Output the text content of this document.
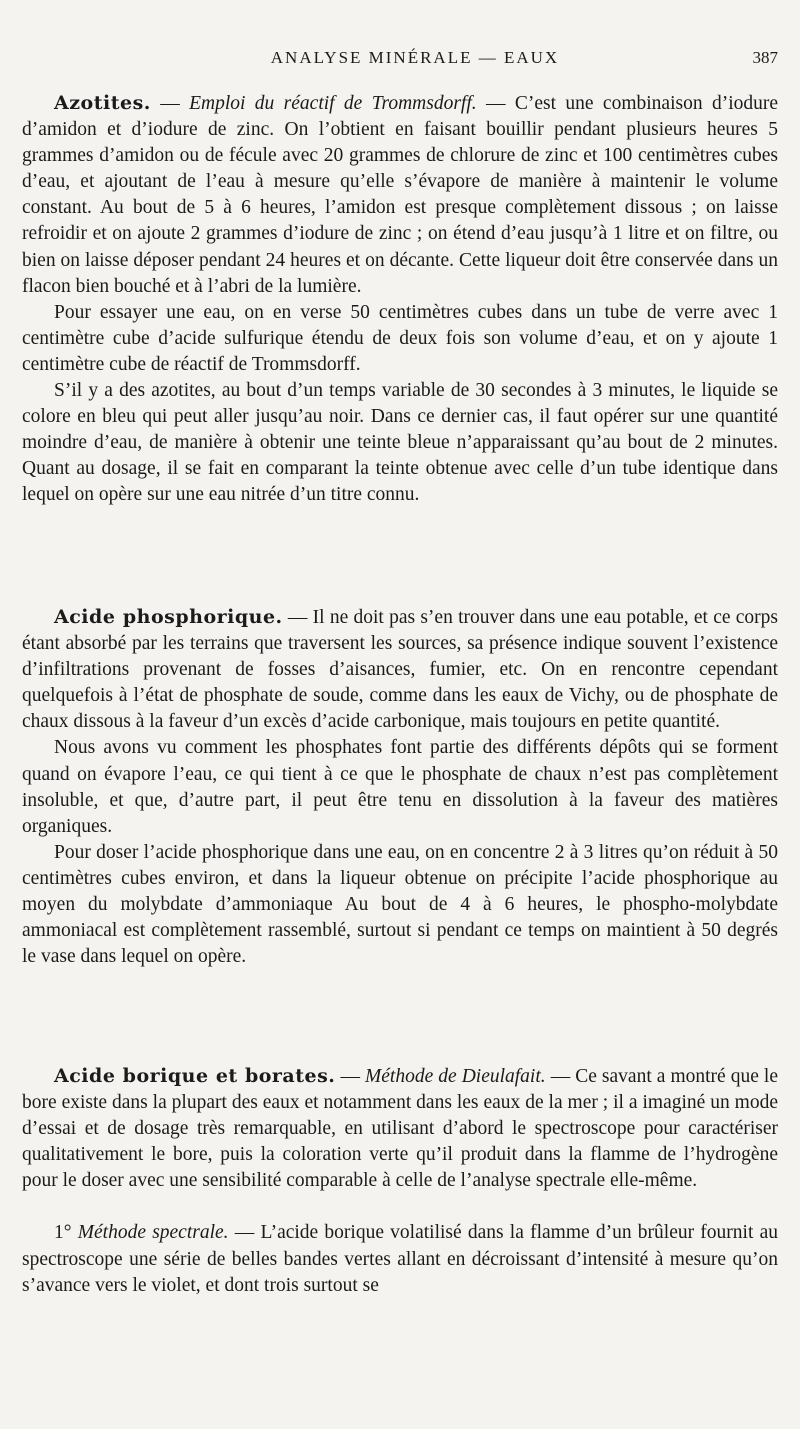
ANALYSE MINÉRALE — EAUX	387

Azotites. — Emploi du réactif de Trommsdorff. — C’est une combinaison d’iodure d’amidon et d’iodure de zinc. On l’obtient en faisant bouillir pendant plusieurs heures 5 grammes d’amidon ou de fécule avec 20 grammes de chlorure de zinc et 100 centimètres cubes d’eau, et ajoutant de l’eau à mesure qu’elle s’évapore de manière à maintenir le volume constant. Au bout de 5 à 6 heures, l’amidon est presque complètement dissous ; on laisse refroidir et on ajoute 2 grammes d’iodure de zinc ; on étend d’eau jusqu’à 1 litre et on filtre, ou bien on laisse déposer pendant 24 heures et on décante. Cette liqueur doit être conservée dans un flacon bien bouché et à l’abri de la lumière.

Pour essayer une eau, on en verse 50 centimètres cubes dans un tube de verre avec 1 centimètre cube d’acide sulfurique étendu de deux fois son volume d’eau, et on y ajoute 1 centimètre cube de réactif de Trommsdorff.

S’il y a des azotites, au bout d’un temps variable de 30 secondes à 3 minutes, le liquide se colore en bleu qui peut aller jusqu’au noir. Dans ce dernier cas, il faut opérer sur une quantité moindre d’eau, de manière à obtenir une teinte bleue n’apparaissant qu’au bout de 2 minutes. Quant au dosage, il se fait en comparant la teinte obtenue avec celle d’un tube identique dans lequel on opère sur une eau nitrée d’un titre connu.

Acide phosphorique. — Il ne doit pas s’en trouver dans une eau potable, et ce corps étant absorbé par les terrains que traversent les sources, sa présence indique souvent l’existence d’infiltrations provenant de fosses d’aisances, fumier, etc. On en rencontre cependant quelquefois à l’état de phosphate de soude, comme dans les eaux de Vichy, ou de phosphate de chaux dissous à la faveur d’un excès d’acide carbonique, mais toujours en petite quantité.

Nous avons vu comment les phosphates font partie des différents dépôts qui se forment quand on évapore l’eau, ce qui tient à ce que le phosphate de chaux n’est pas complètement insoluble, et que, d’autre part, il peut être tenu en dissolution à la faveur des matières organiques.

Pour doser l’acide phosphorique dans une eau, on en concentre 2 à 3 litres qu’on réduit à 50 centimètres cubes environ, et dans la liqueur obtenue on précipite l’acide phosphorique au moyen du molybdate d’ammoniaque Au bout de 4 à 6 heures, le phospho-molybdate ammoniacal est complètement rassemblé, surtout si pendant ce temps on maintient à 50 degrés le vase dans lequel on opère.

Acide borique et borates. — Méthode de Dieulafait. — Ce savant a montré que le bore existe dans la plupart des eaux et notamment dans les eaux de la mer ; il a imaginé un mode d’essai et de dosage très remarquable, en utilisant d’abord le spectroscope pour caractériser qualitativement le bore, puis la coloration verte qu’il produit dans la flamme de l’hydrogène pour le doser avec une sensibilité comparable à celle de l’analyse spectrale elle-même.

1° Méthode spectrale. — L’acide borique volatilisé dans la flamme d’un brûleur fournit au spectroscope une série de belles bandes vertes allant en décroissant d’intensité à mesure qu’on s’avance vers le violet, et dont trois surtout se
